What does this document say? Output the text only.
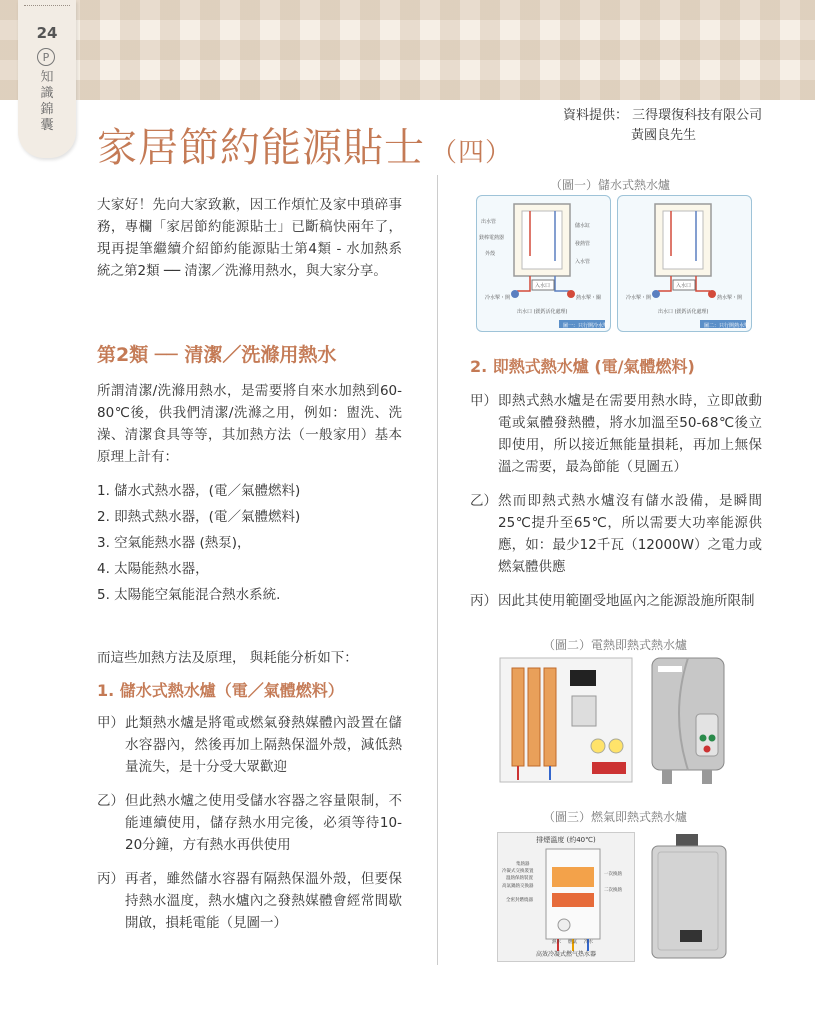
24
P
知
識
錦
囊
資料提供： 三得環復科技有限公司
黃國良先生
家居節約能源貼士 （四）

大家好！先向大家致歉，因工作煩忙及家中瑣碎事務，專欄「家居節約能源貼士」已斷稿快兩年了，現再提筆繼續介紹節約能源貼士第4類 - 水加熱系統之第2類 ── 清潔／洗滌用熱水，與大家分享。

第2類 ── 清潔／洗滌用熱水

所謂清潔/洗滌用熱水，是需要將自來水加熱到60-80℃後，供我們清潔/洗滌之用，例如：盥洗、洗澡、清潔食具等等，其加熱方法（一般家用）基本原理上計有：

1. 儲水式熱水器，(電／氣體燃料)
2. 即熱式熱水器，(電／氣體燃料)
3. 空氣能熱水器 (熱泵)，
4. 太陽能熱水器，
5. 太陽能空氣能混合熱水系統.
而這些加熱方法及原理， 與耗能分析如下：
1. 儲水式熱水爐（電／氣體燃料）
甲） 此類熱水爐是將電或燃氣發熱媒體內設置在儲水容器內，然後再加上隔熱保溫外殼，減低熱量流失，是十分受大眾歡迎
乙） 但此熱水爐之使用受儲水容器之容量限制，不能連續使用，儲存熱水用完後，必須等待10-20分鐘，方有熱水再供使用
丙） 再者，雖然儲水容器有隔熱保溫外殼，但要保持熱水溫度，熱水爐內之發熱媒體會經常間歇開啟，損耗電能（見圖一）
（圖一）儲水式熱水爐
出水管
鎂棒電熱器
外殼
儲水缸
發熱管
入水管
入水口
冷水掣・開	熱水掣・關
出水口 (鎂鈣活化處理)
圖一：只行開冷水掣
入水口
冷水掣・開	熱水掣・開
出水口 (鎂鈣活化處理)
圖二：只行開熱水掣
2. 即熱式熱水爐 (電/氣體燃料)
甲） 即熱式熱水爐是在需要用熱水時，立即啟動電或氣體發熱體，將水加溫至50-68℃後立即使用，所以接近無能量損耗，再加上無保溫之需要，最為節能（見圖五）
乙） 然而即熱式熱水爐沒有儲水設備，是瞬間25℃提升至65℃，所以需要大功率能源供應，如：最少12千瓦（12000W）之電力或燃氣體供應
丙） 因此其使用範圍受地區內之能源設施所限制
（圖二）電熱即熱式熱水爐
（圖三）燃氣即熱式熱水爐
排煙溫度 (約40℃)
集熱器
冷凝式交換裝置
溫熱保熱裝置
高氣鍋熱交換器
全密封燃燒器
一次換熱
二次換熱
熱水 燃氣 冷水
高效冷凝式燃气热水器
